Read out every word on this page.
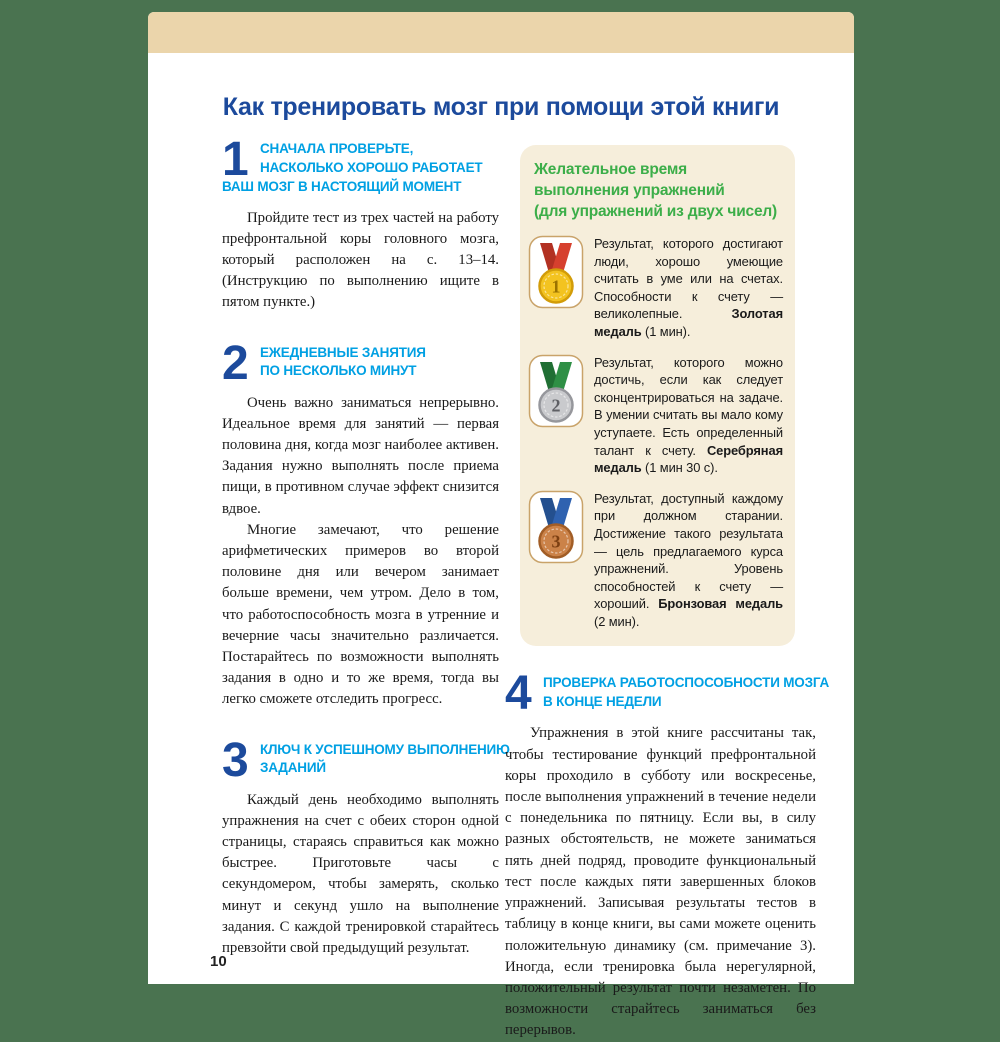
Как тренировать мозг при помощи этой книги
1 СНАЧАЛА ПРОВЕРЬТЕ,
НАСКОЛЬКО ХОРОШО РАБОТАЕТ
ВАШ МОЗГ В НАСТОЯЩИЙ МОМЕНТ

Пройдите тест из трех частей на работу префронтальной коры головного мозга, который расположен на с. 13–14. (Инструкцию по выполнению ищите в пятом пункте.)

2 ЕЖЕДНЕВНЫЕ ЗАНЯТИЯ
ПО НЕСКОЛЬКО МИНУТ

Очень важно заниматься непрерывно. Идеальное время для занятий — первая половина дня, когда мозг наиболее активен. Задания нужно выполнять после приема пищи, в противном случае эффект снизится вдвое.

Многие замечают, что решение арифметических примеров во второй половине дня или вечером занимает больше времени, чем утром. Дело в том, что работоспособность мозга в утренние и вечерние часы значительно различается. Постарайтесь по возможности выполнять задания в одно и то же время, тогда вы легко сможете отследить прогресс.

3 КЛЮЧ К УСПЕШНОМУ ВЫПОЛНЕНИЮ
ЗАДАНИЙ

Каждый день необходимо выполнять упражнения на счет с обеих сторон одной страницы, стараясь справиться как можно быстрее. Приготовьте часы с секундомером, чтобы замерять, сколько минут и секунд ушло на выполнение задания. С каждой тренировкой старайтесь превзойти свой предыдущий результат.

Желательное время
выполнения упражнений
(для упражнений из двух чисел)
1
Результат, которого достигают люди, хорошо умеющие считать в уме или на счетах. Способности к счету — великолепные. Золотая медаль (1 мин).
2
Результат, которого можно достичь, если как следует сконцентрироваться на задаче. В умении считать вы мало кому уступаете. Есть определенный талант к счету. Серебряная медаль (1 мин 30 с).
3
Результат, доступный каждому при должном старании. Достижение такого результата — цель предлагаемого курса упражнений. Уровень способностей к счету — хороший. Бронзовая медаль (2 мин).
4 ПРОВЕРКА РАБОТОСПОСОБНОСТИ МОЗГА
В КОНЦЕ НЕДЕЛИ

Упражнения в этой книге рассчитаны так, чтобы тестирование функций префронтальной коры проходило в субботу или воскресенье, после выполнения упражнений в течение недели с понедельника по пятницу. Если вы, в силу разных обстоятельств, не можете заниматься пять дней подряд, проводите функциональный тест после каждых пяти завершенных блоков упражнений. Записывая результаты тестов в таблицу в конце книги, вы сами можете оценить положительную динамику (см. примечание 3). Иногда, если тренировка была нерегулярной, положительный результат почти незаметен. По возможности старайтесь заниматься без перерывов.

10
